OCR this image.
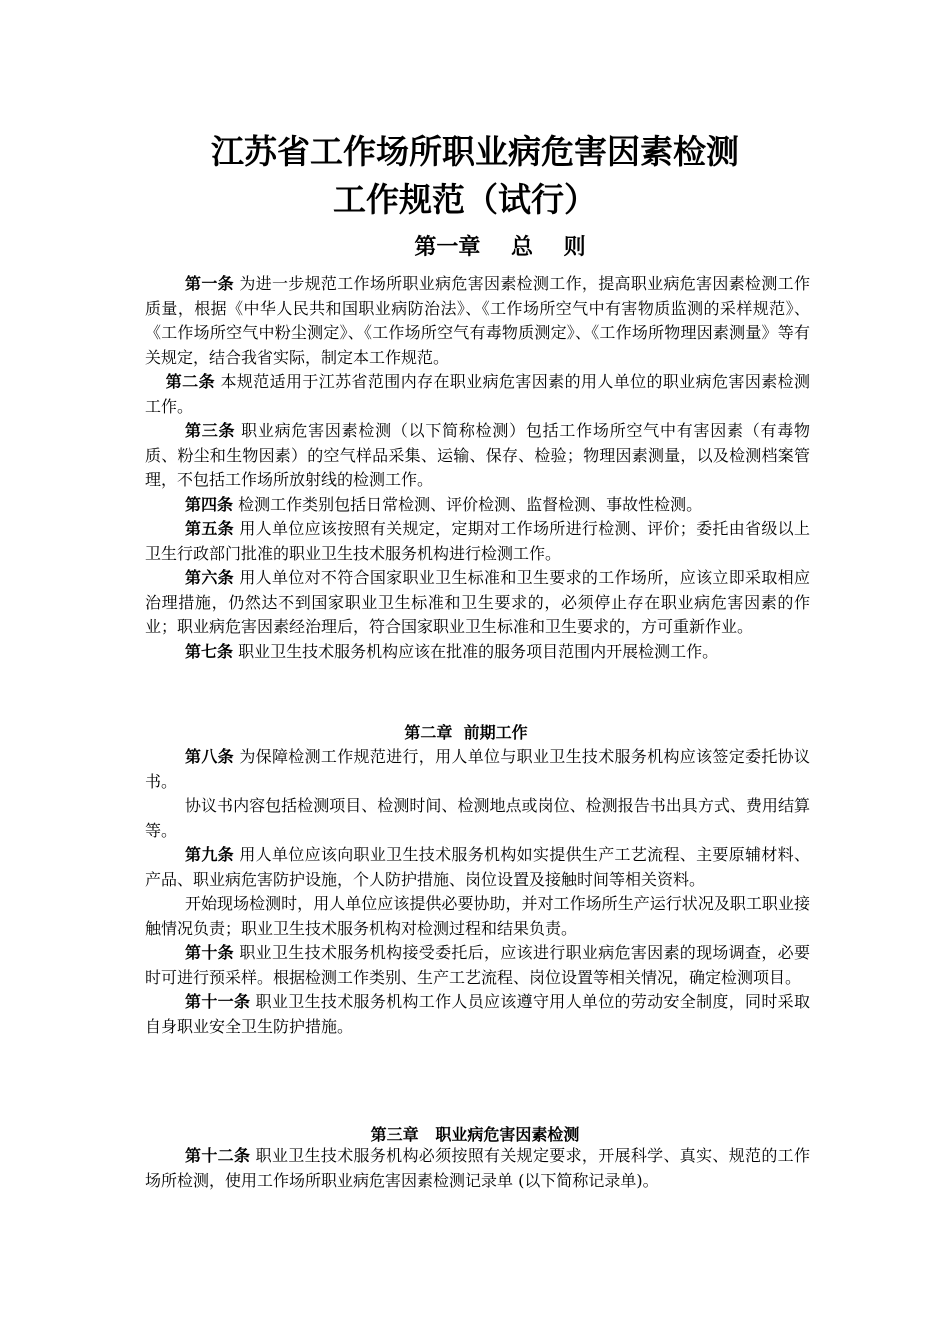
江苏省工作场所职业病危害因素检测
工作规范（试行）
第一章    总    则

第一条 为进一步规范工作场所职业病危害因素检测工作，提高职业病危害因素检测工作质量，根据《中华人民共和国职业病防治法》、《工作场所空气中有害物质监测的采样规范》、《工作场所空气中粉尘测定》、《工作场所空气有毒物质测定》、《工作场所物理因素测量》等有关规定，结合我省实际，制定本工作规范。

第二条 本规范适用于江苏省范围内存在职业病危害因素的用人单位的职业病危害因素检测工作。

第三条 职业病危害因素检测（以下简称检测）包括工作场所空气中有害因素（有毒物质、粉尘和生物因素）的空气样品采集、运输、保存、检验；物理因素测量，以及检测档案管理，不包括工作场所放射线的检测工作。

第四条 检测工作类别包括日常检测、评价检测、监督检测、事故性检测。

第五条 用人单位应该按照有关规定，定期对工作场所进行检测、评价；委托由省级以上卫生行政部门批准的职业卫生技术服务机构进行检测工作。

第六条 用人单位对不符合国家职业卫生标准和卫生要求的工作场所，应该立即采取相应治理措施，仍然达不到国家职业卫生标准和卫生要求的，必须停止存在职业病危害因素的作业；职业病危害因素经治理后，符合国家职业卫生标准和卫生要求的，方可重新作业。

第七条 职业卫生技术服务机构应该在批准的服务项目范围内开展检测工作。

第二章  前期工作

第八条 为保障检测工作规范进行，用人单位与职业卫生技术服务机构应该签定委托协议书。

协议书内容包括检测项目、检测时间、检测地点或岗位、检测报告书出具方式、费用结算等。

第九条 用人单位应该向职业卫生技术服务机构如实提供生产工艺流程、主要原辅材料、产品、职业病危害防护设施，个人防护措施、岗位设置及接触时间等相关资料。

开始现场检测时，用人单位应该提供必要协助，并对工作场所生产运行状况及职工职业接触情况负责；职业卫生技术服务机构对检测过程和结果负责。

第十条 职业卫生技术服务机构接受委托后，应该进行职业病危害因素的现场调查，必要时可进行预采样。根据检测工作类别、生产工艺流程、岗位设置等相关情况，确定检测项目。

第十一条 职业卫生技术服务机构工作人员应该遵守用人单位的劳动安全制度，同时采取自身职业安全卫生防护措施。

第三章   职业病危害因素检测

第十二条 职业卫生技术服务机构必须按照有关规定要求，开展科学、真实、规范的工作场所检测，使用工作场所职业病危害因素检测记录单 (以下简称记录单)。
